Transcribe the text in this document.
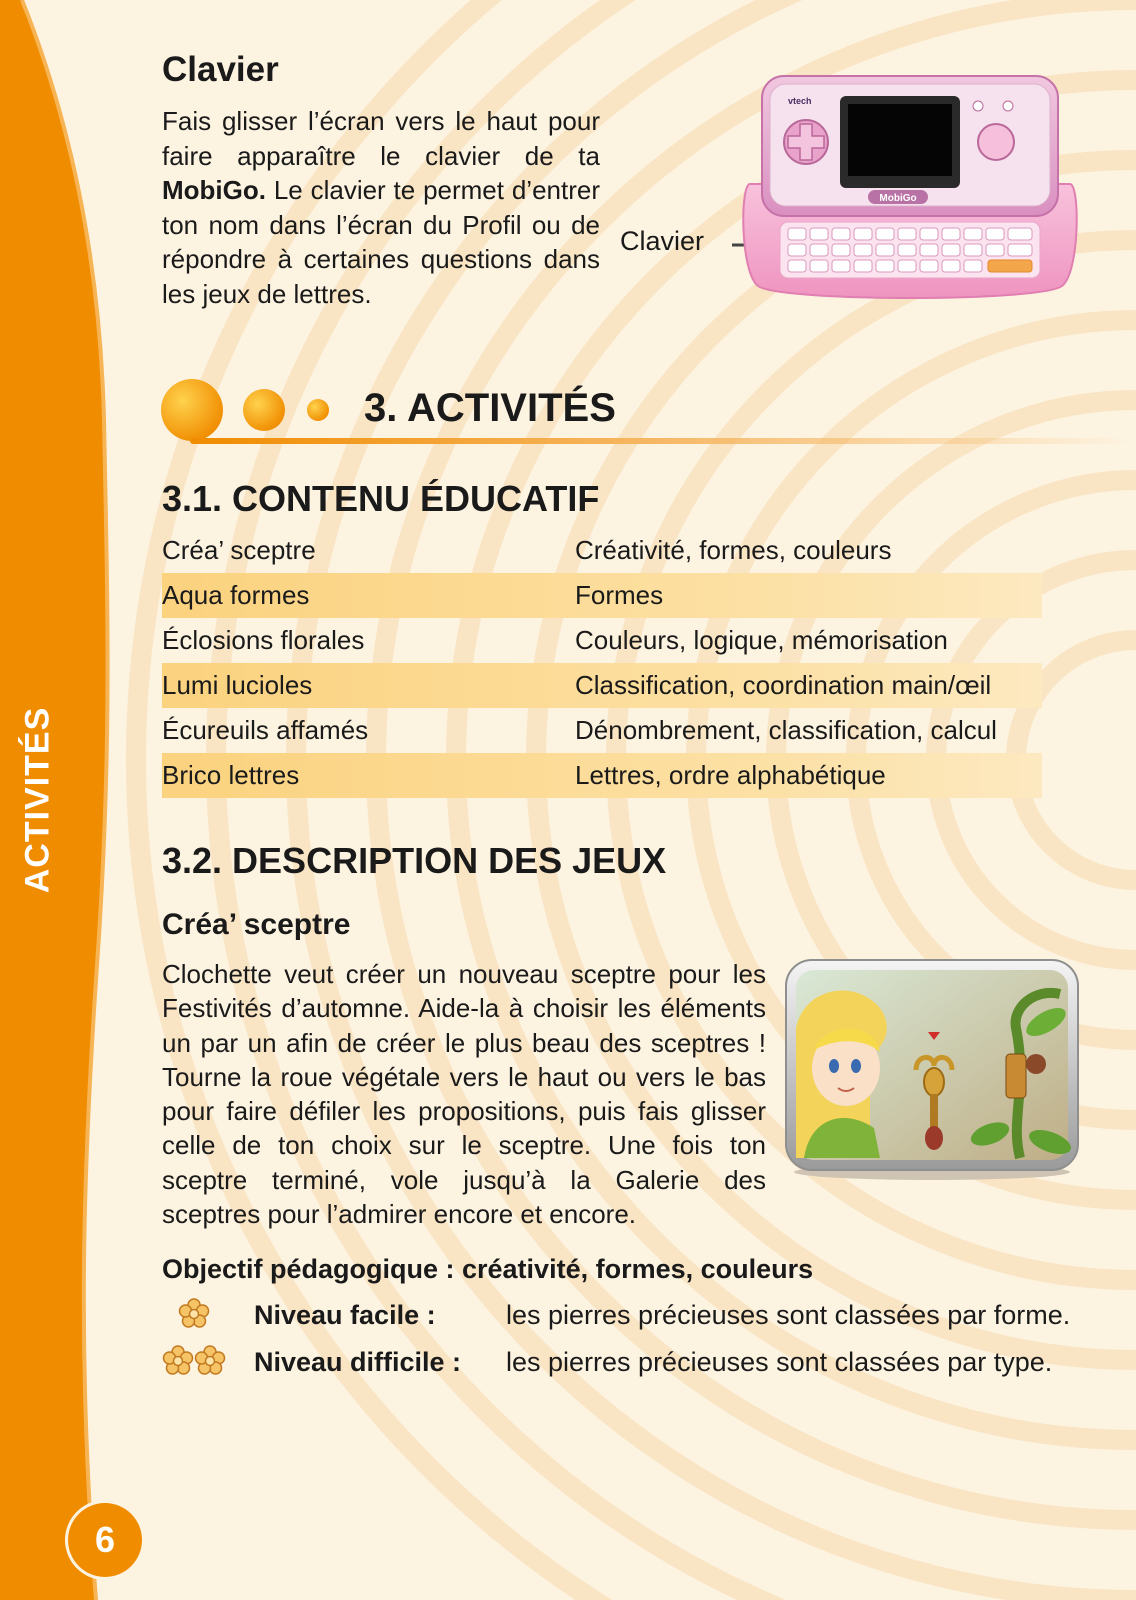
ACTIVITÉS
6
Clavier

Fais glisser l’écran vers le haut pour faire apparaître le clavier de ta MobiGo. Le clavier te permet d’entrer ton nom dans l’écran du Profil ou de répondre à certaines questions dans les jeux de lettres.

Clavier

vtech
MobiGo
3. ACTIVITÉS
3.1. CONTENU ÉDUCATIF
Créa’ sceptre	Créativité, formes, couleurs
Aqua formes	Formes
Éclosions florales	Couleurs, logique, mémorisation
Lumi lucioles	Classification, coordination main/œil
Écureuils affamés	Dénombrement, classification, calcul
Brico lettres	Lettres, ordre alphabétique
3.2. DESCRIPTION DES JEUX
Créa’ sceptre

Clochette veut créer un nouveau sceptre pour les Festivités d’automne. Aide-la à choisir les éléments un par un afin de créer le plus beau des sceptres ! Tourne la roue végétale vers le haut ou vers le bas pour faire défiler les propositions, puis fais glisser celle de ton choix sur le sceptre. Une fois ton sceptre terminé, vole jusqu’à la Galerie des sceptres pour l’admirer encore et encore.

Objectif pédagogique : créativité, formes, couleurs

Niveau facile :	les pierres précieuses sont classées par forme.
Niveau difficile : les pierres précieuses sont classées par type.
